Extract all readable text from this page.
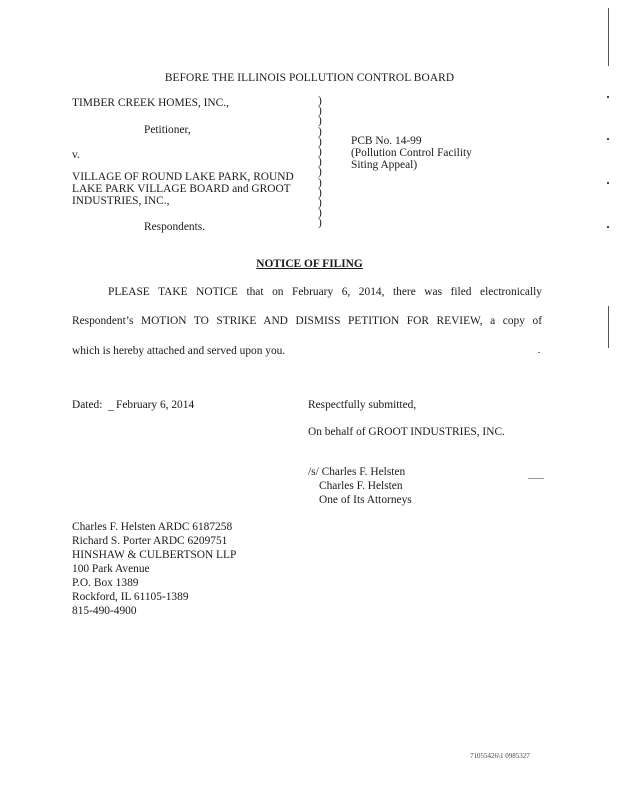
BEFORE THE ILLINOIS POLLUTION CONTROL BOARD
TIMBER CREEK HOMES, INC.,
Petitioner,
v.
VILLAGE OF ROUND LAKE PARK, ROUND
LAKE PARK VILLAGE BOARD and GROOT
INDUSTRIES, INC.,
Respondents.
)
)
)
)
)
)
)
)
)
)
)
)
)
PCB No. 14-99
(Pollution Control Facility
Siting Appeal)
NOTICE OF FILING
PLEASE TAKE NOTICE that on February 6, 2014, there was filed electronically
Respondent’s MOTION TO STRIKE AND DISMISS PETITION FOR REVIEW, a copy of
which is hereby attached and served upon you.
Dated: February 6, 2014	Respectfully submitted,
On behalf of GROOT INDUSTRIES, INC.
/s/ Charles F. Helsten
Charles F. Helsten
One of Its Attorneys
Charles F. Helsten ARDC 6187258
Richard S. Porter ARDC 6209751
HINSHAW & CULBERTSON LLP
100 Park Avenue
P.O. Box 1389
Rockford, IL 61105-1389
815-490-4900
71055426\1 0985327
